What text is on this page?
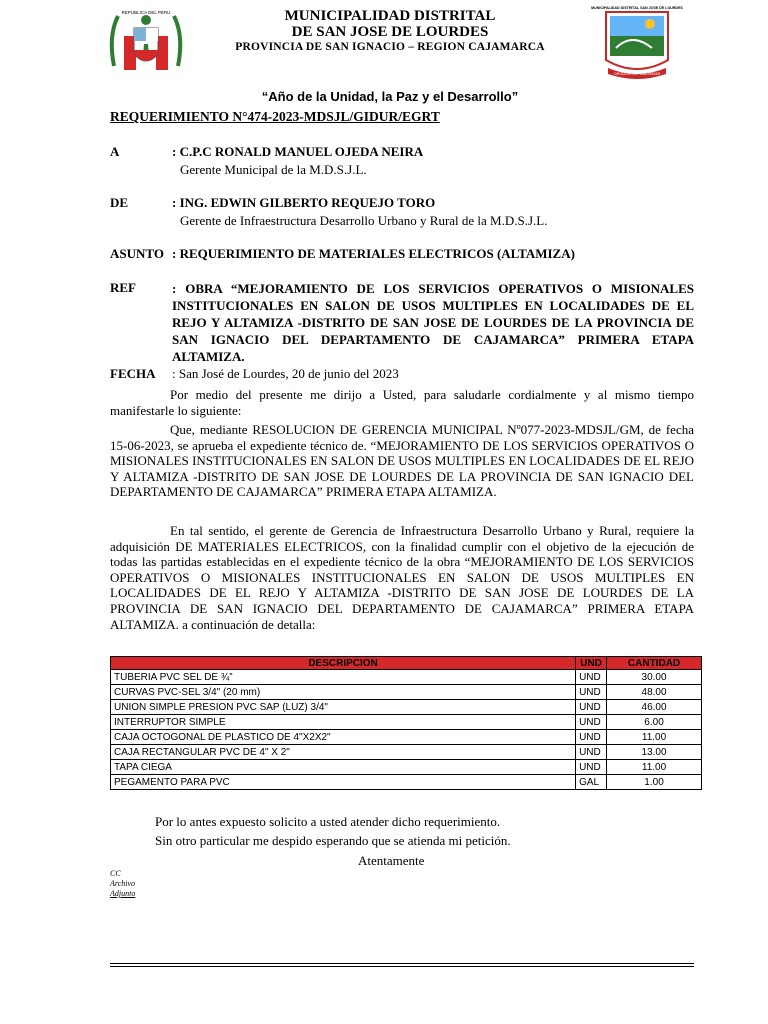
REPUBLICA DEL PERU	MUNICIPALIDAD DISTRITAL
DE SAN JOSE DE LOURDES
PROVINCIA DE SAN IGNACIO – REGION CAJAMARCA
MUNICIPALIDAD DISTRITAL SAN JOSE DE LOURDES
ORGULLO DE HUACHAYAS
“Año de la Unidad, la Paz y el Desarrollo”
REQUERIMIENTO N°474-2023-MDSJL/GIDUR/EGRT
A	: C.P.C RONALD MANUEL OJEDA NEIRA
Gerente Municipal de la M.D.S.J.L.
DE	: ING. EDWIN GILBERTO REQUEJO TORO
Gerente de Infraestructura Desarrollo Urbano y Rural de la M.D.S.J.L.
ASUNTO : REQUERIMIENTO DE MATERIALES ELECTRICOS (ALTAMIZA)
REF	: OBRA “MEJORAMIENTO DE LOS SERVICIOS OPERATIVOS O MISIONALES INSTITUCIONALES EN SALON DE USOS MULTIPLES EN LOCALIDADES DE EL REJO Y ALTAMIZA -DISTRITO DE SAN JOSE DE LOURDES DE LA PROVINCIA DE SAN IGNACIO DEL DEPARTAMENTO DE CAJAMARCA” PRIMERA ETAPA ALTAMIZA.
FECHA : San José de Lourdes, 20 de junio del 2023
Por medio del presente me dirijo a Usted, para saludarle cordialmente y al mismo tiempo manifestarle lo siguiente:
Que, mediante RESOLUCION DE GERENCIA MUNICIPAL Nº077-2023-MDSJL/GM, de fecha 15-06-2023, se aprueba el expediente técnico de. “MEJORAMIENTO DE LOS SERVICIOS OPERATIVOS O MISIONALES INSTITUCIONALES EN SALON DE USOS MULTIPLES EN LOCALIDADES DE EL REJO Y ALTAMIZA -DISTRITO DE SAN JOSE DE LOURDES DE LA PROVINCIA DE SAN IGNACIO DEL DEPARTAMENTO DE CAJAMARCA” PRIMERA ETAPA ALTAMIZA.
En tal sentido, el gerente de Gerencia de Infraestructura Desarrollo Urbano y Rural, requiere la adquisición DE MATERIALES ELECTRICOS, con la finalidad cumplir con el objetivo de la ejecución de todas las partidas establecidas en el expediente técnico de la obra “MEJORAMIENTO DE LOS SERVICIOS OPERATIVOS O MISIONALES INSTITUCIONALES EN SALON DE USOS MULTIPLES EN LOCALIDADES DE EL REJO Y ALTAMIZA -DISTRITO DE SAN JOSE DE LOURDES DE LA PROVINCIA DE SAN IGNACIO DEL DEPARTAMENTO DE CAJAMARCA” PRIMERA ETAPA ALTAMIZA. a continuación de detalla:
DESCRIPCION	UND	CANTIDAD
TUBERIA PVC SEL DE ¾”	UND	30.00
CURVAS PVC-SEL 3/4" (20 mm)	UND	48.00
UNION SIMPLE PRESION PVC SAP (LUZ) 3/4"	UND	46.00
INTERRUPTOR SIMPLE	UND	6.00
CAJA OCTOGONAL DE PLASTICO DE 4"X2X2"	UND	11.00
CAJA RECTANGULAR PVC DE 4" X 2"	UND	13.00
TAPA CIEGA	UND	11.00
PEGAMENTO PARA PVC	GAL	1.00
Por lo antes expuesto solicito a usted atender dicho requerimiento.
Sin otro particular me despido esperando que se atienda mi petición.
Atentamente
CC
Archivo
Adjunto
